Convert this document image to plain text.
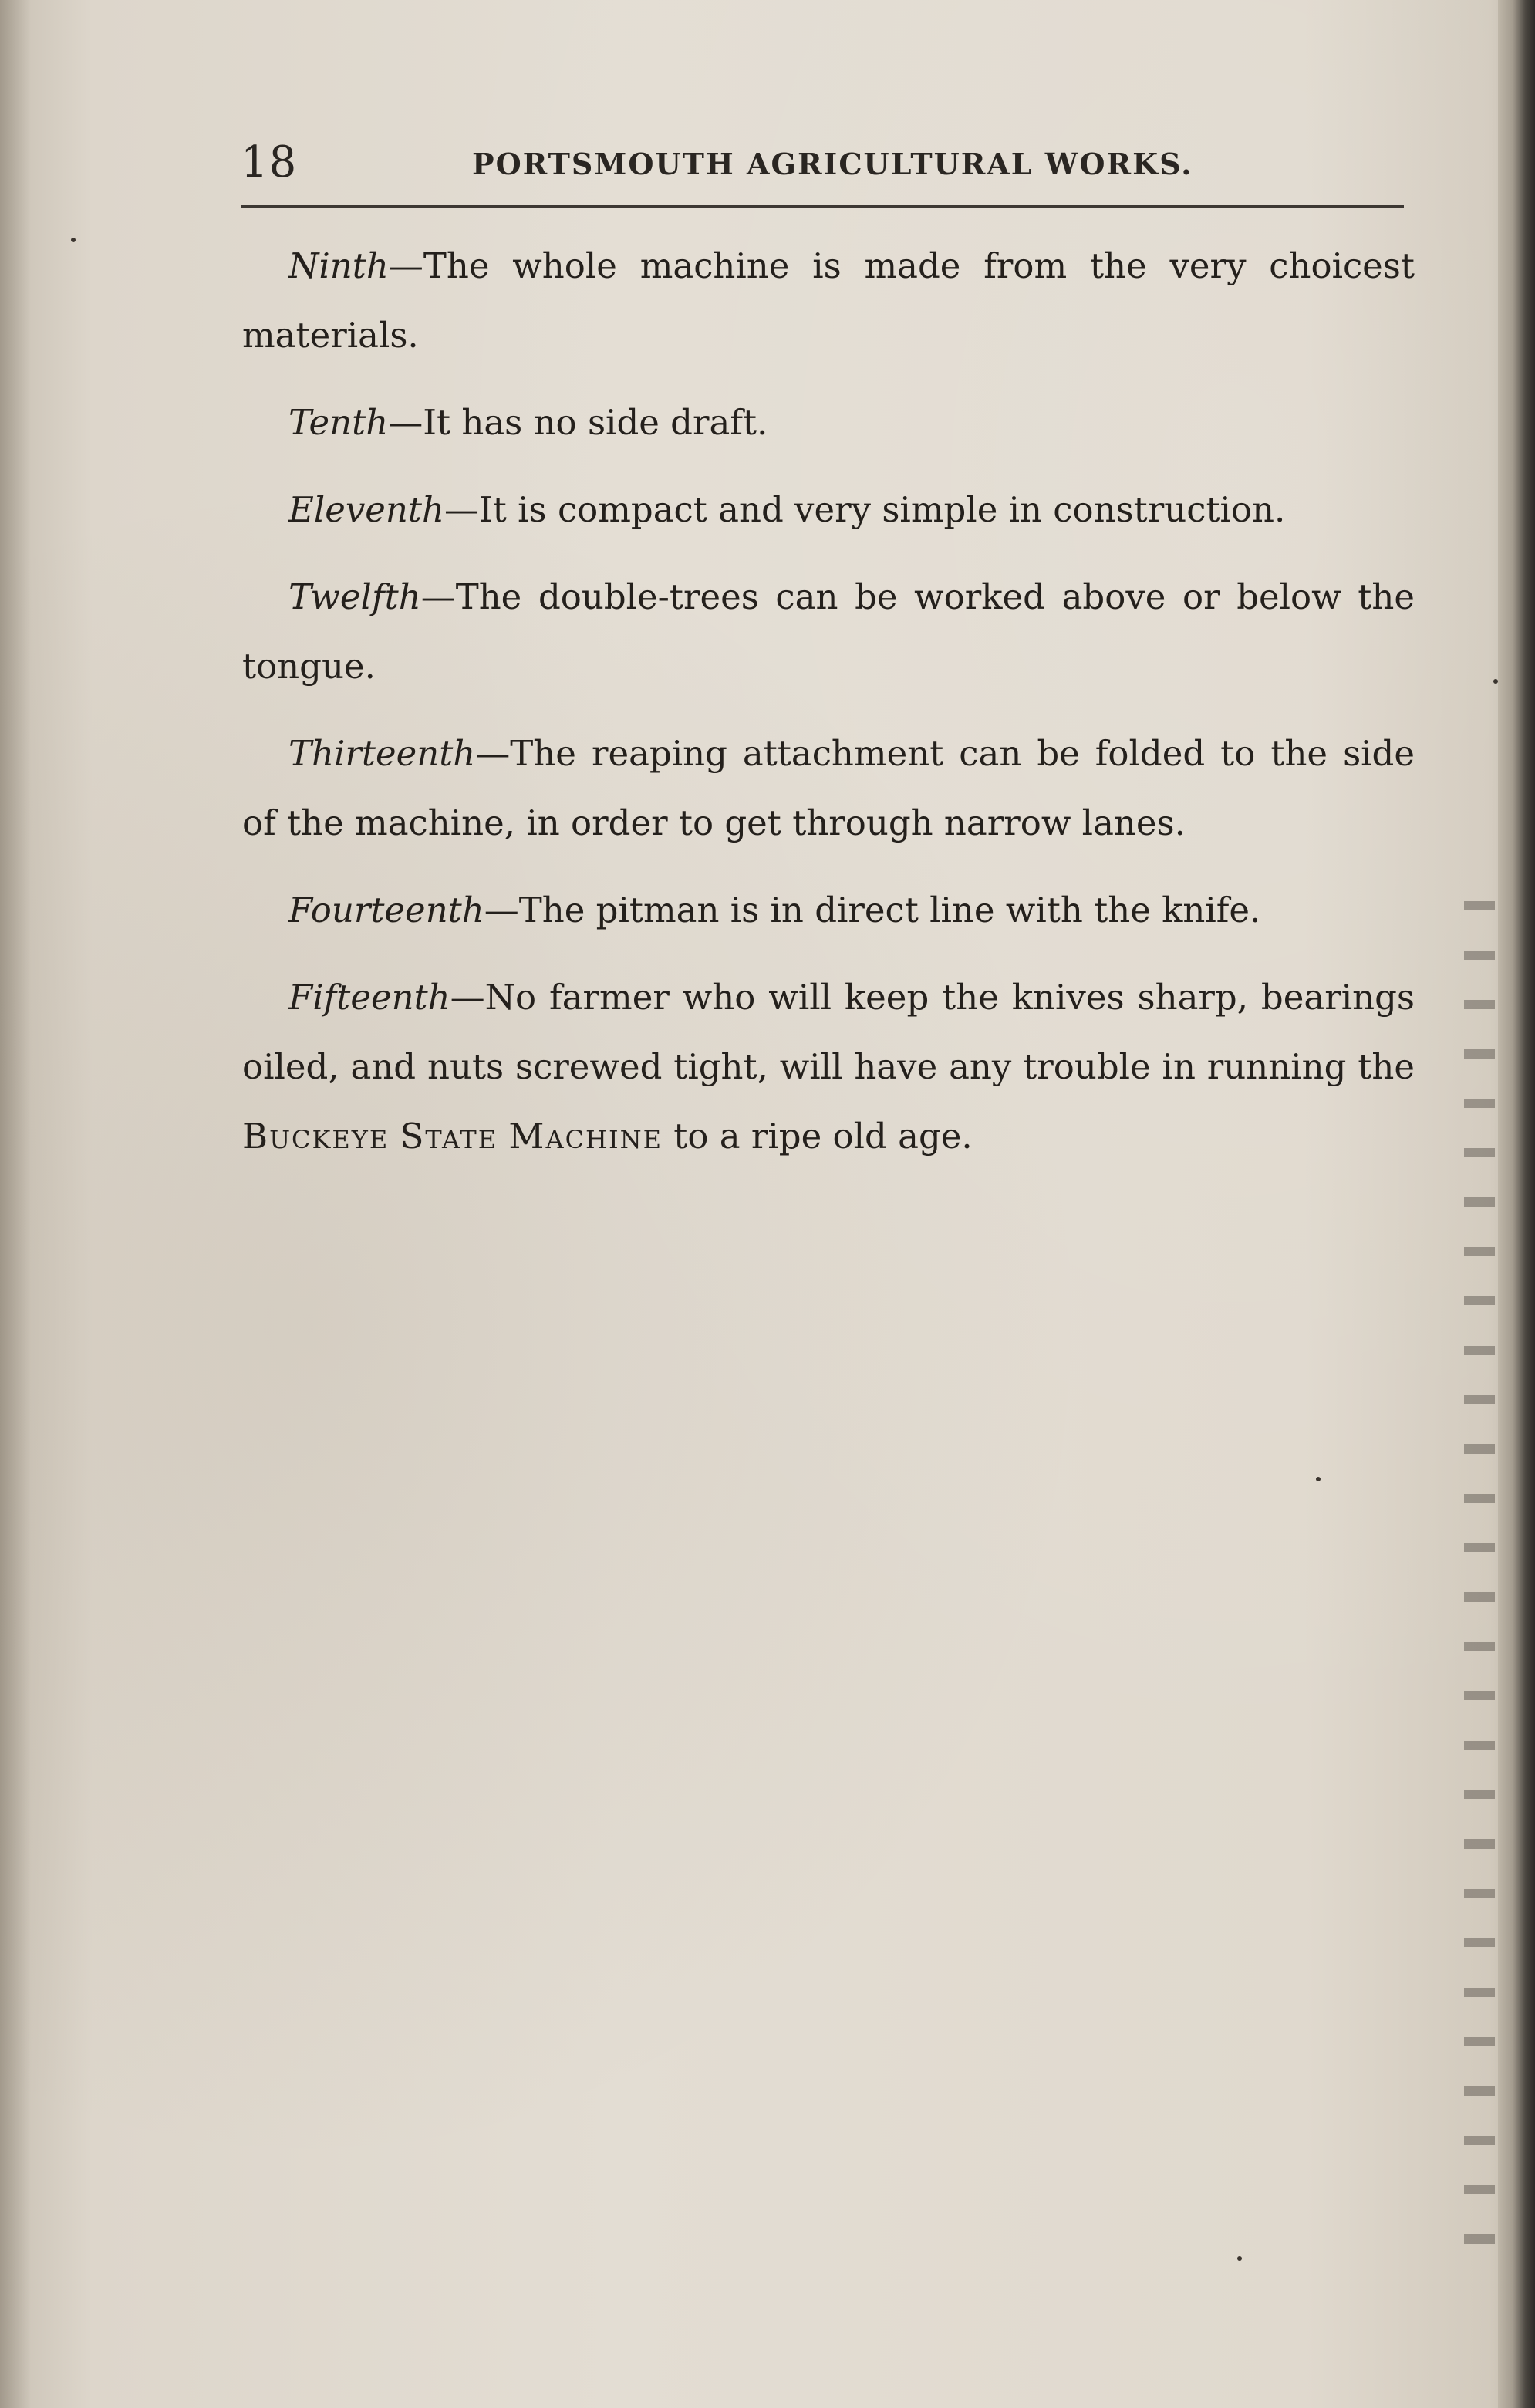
18	PORTSMOUTH AGRICULTURAL WORKS.

Ninth—The whole machine is made from the very choicest materials.

Tenth—It has no side draft.

Eleventh—It is compact and very simple in construction.

Twelfth—The double-trees can be worked above or below the tongue.

Thirteenth—The reaping attachment can be folded to the side of the machine, in order to get through narrow lanes.

Fourteenth—The pitman is in direct line with the knife.

Fifteenth—No farmer who will keep the knives sharp, bearings oiled, and nuts screwed tight, will have any trouble in running the Buckeye State Machine to a ripe old age.
